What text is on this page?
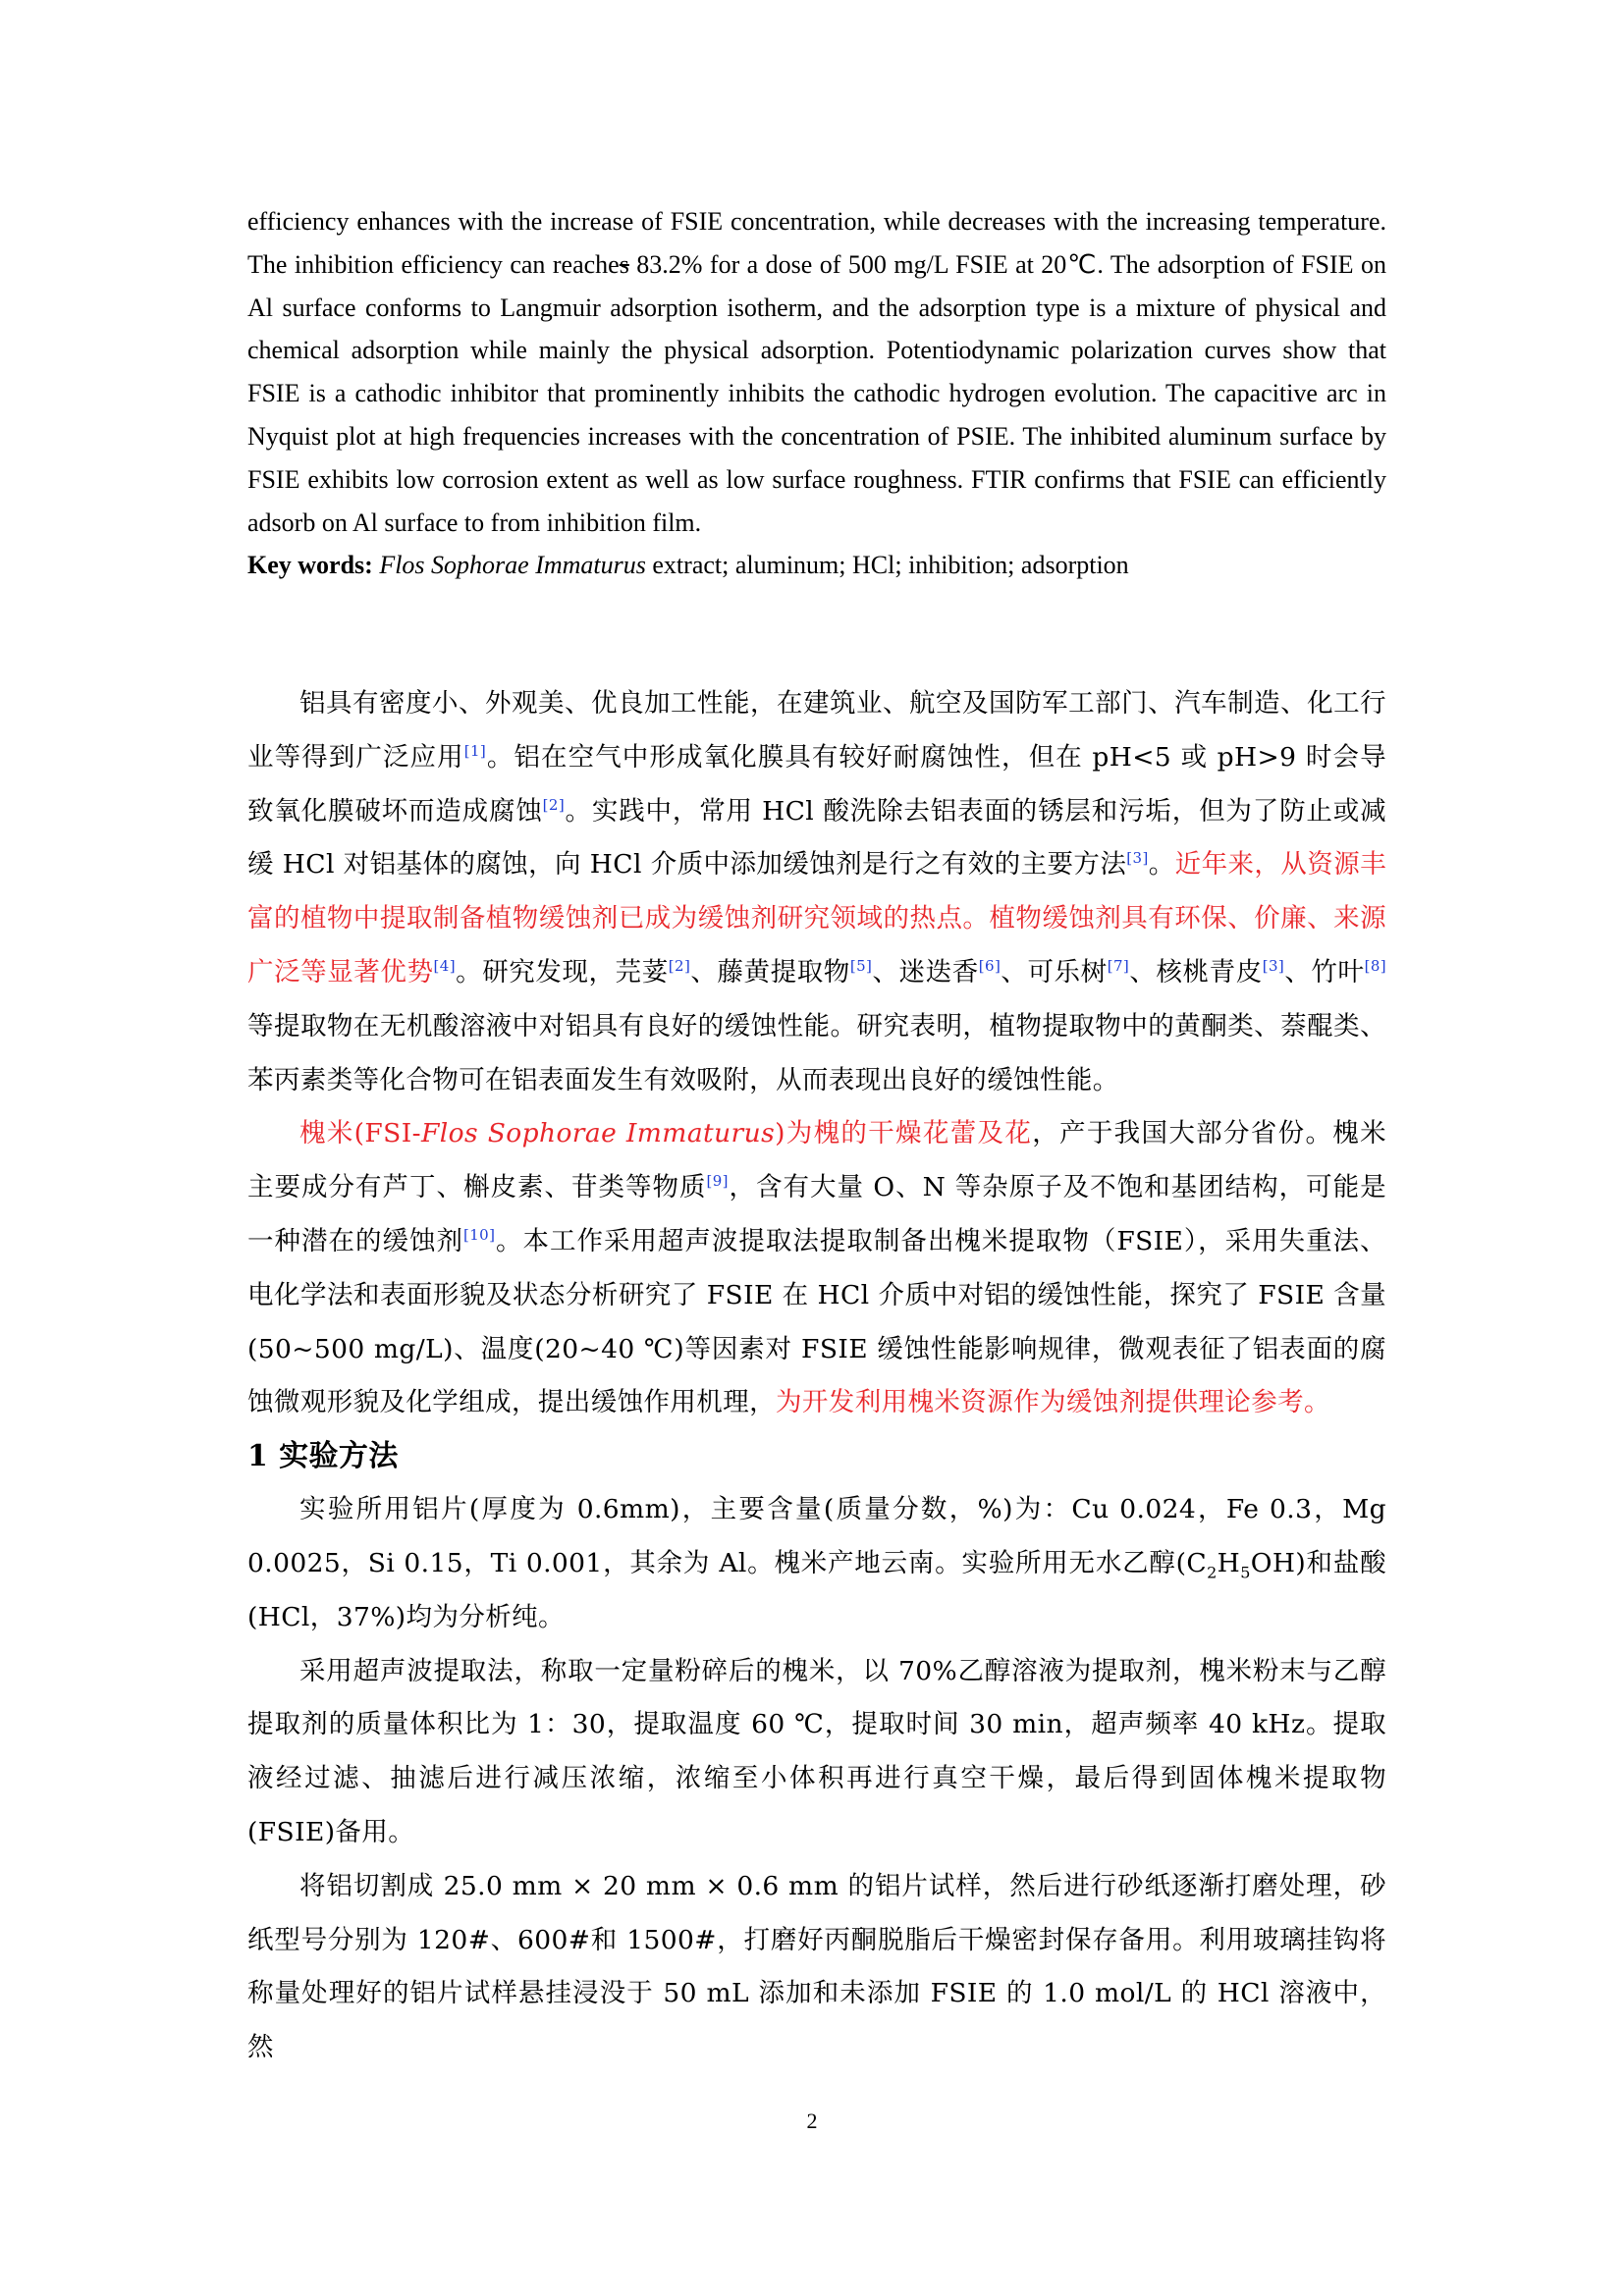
efficiency enhances with the increase of FSIE concentration, while decreases with the increasing temperature. The inhibition efficiency can reaches 83.2% for a dose of 500 mg/L FSIE at 20℃. The adsorption of FSIE on Al surface conforms to Langmuir adsorption isotherm, and the adsorption type is a mixture of physical and chemical adsorption while mainly the physical adsorption. Potentiodynamic polarization curves show that FSIE is a cathodic inhibitor that prominently inhibits the cathodic hydrogen evolution. The capacitive arc in Nyquist plot at high frequencies increases with the concentration of PSIE. The inhibited aluminum surface by FSIE exhibits low corrosion extent as well as low surface roughness. FTIR confirms that FSIE can efficiently adsorb on Al surface to from inhibition film.
Key words: Flos Sophorae Immaturus extract; aluminum; HCl; inhibition; adsorption

铝具有密度小、外观美、优良加工性能，在建筑业、航空及国防军工部门、汽车制造、化工行业等得到广泛应用[1]。铝在空气中形成氧化膜具有较好耐腐蚀性，但在 pH<5 或 pH>9 时会导致氧化膜破坏而造成腐蚀[2]。实践中，常用 HCl 酸洗除去铝表面的锈层和污垢，但为了防止或减缓 HCl 对铝基体的腐蚀，向 HCl 介质中添加缓蚀剂是行之有效的主要方法[3]。近年来，从资源丰富的植物中提取制备植物缓蚀剂已成为缓蚀剂研究领域的热点。植物缓蚀剂具有环保、价廉、来源广泛等显著优势[4]。研究发现，芫荽[2]、藤黄提取物[5]、迷迭香[6]、可乐树[7]、核桃青皮[3]、竹叶[8]等提取物在无机酸溶液中对铝具有良好的缓蚀性能。研究表明，植物提取物中的黄酮类、萘醌类、苯丙素类等化合物可在铝表面发生有效吸附，从而表现出良好的缓蚀性能。

槐米(FSI-Flos Sophorae Immaturus)为槐的干燥花蕾及花，产于我国大部分省份。槐米主要成分有芦丁、槲皮素、苷类等物质[9]，含有大量 O、N 等杂原子及不饱和基团结构，可能是一种潜在的缓蚀剂[10]。本工作采用超声波提取法提取制备出槐米提取物（FSIE），采用失重法、电化学法和表面形貌及状态分析研究了 FSIE 在 HCl 介质中对铝的缓蚀性能，探究了 FSIE 含量(50~500 mg/L)、温度(20~40 ℃)等因素对 FSIE 缓蚀性能影响规律，微观表征了铝表面的腐蚀微观形貌及化学组成，提出缓蚀作用机理，为开发利用槐米资源作为缓蚀剂提供理论参考。

1 实验方法

实验所用铝片(厚度为 0.6mm)，主要含量(质量分数，%)为：Cu 0.024，Fe 0.3，Mg 0.0025，Si 0.15，Ti 0.001，其余为 Al。槐米产地云南。实验所用无水乙醇$(C_2H_5OH)$和盐酸(HCl，37%)均为分析纯。

采用超声波提取法，称取一定量粉碎后的槐米，以 70%乙醇溶液为提取剂，槐米粉末与乙醇提取剂的质量体积比为 1：30，提取温度 60 ℃，提取时间 30 min，超声频率 40 kHz。提取液经过滤、抽滤后进行减压浓缩，浓缩至小体积再进行真空干燥，最后得到固体槐米提取物(FSIE)备用。

将铝切割成 25.0 mm × 20 mm × 0.6 mm 的铝片试样，然后进行砂纸逐渐打磨处理，砂纸型号分别为 120#、600#和 1500#，打磨好丙酮脱脂后干燥密封保存备用。利用玻璃挂钩将称量处理好的铝片试样悬挂浸没于 50 mL 添加和未添加 FSIE 的 1.0 mol/L 的 HCl 溶液中，然

2
